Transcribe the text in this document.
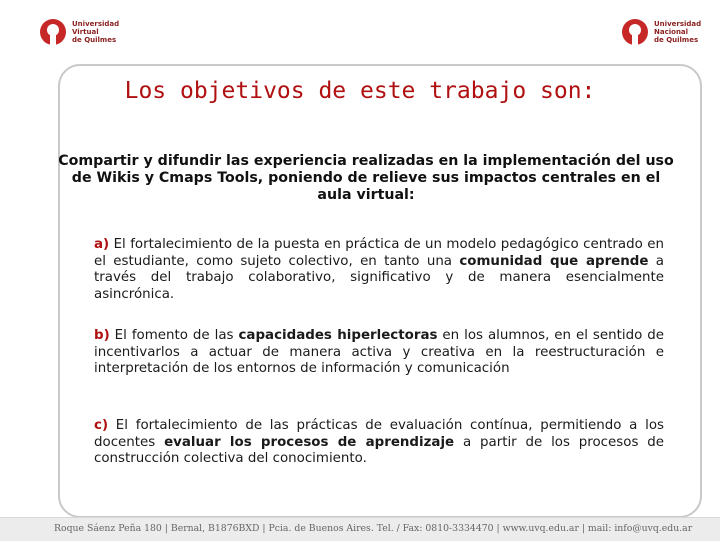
Universidad
Virtual
de Quilmes
Universidad
Nacional
de Quilmes
Los objetivos de este trabajo son:

Compartir y difundir las experiencia realizadas en la implementación del uso de Wikis y Cmaps Tools, poniendo de relieve sus impactos centrales en el aula virtual:

a) El fortalecimiento de la puesta en práctica de un modelo pedagógico centrado en el estudiante, como sujeto colectivo, en tanto una comunidad que aprende a través del trabajo colaborativo, significativo y de manera esencialmente asincrónica.

b) El fomento de las capacidades hiperlectoras en los alumnos, en el sentido de incentivarlos a actuar de manera activa y creativa en la reestructuración e interpretación de los entornos de información y comunicación

c) El fortalecimiento de las prácticas de evaluación contínua, permitiendo a los docentes evaluar los procesos de aprendizaje a partir de los procesos de construcción colectiva del conocimiento.

Roque Sáenz Peña 180 | Bernal, B1876BXD | Pcia. de Buenos Aires. Tel. / Fax: 0810-3334470 | www.uvq.edu.ar | mail: info@uvq.edu.ar
